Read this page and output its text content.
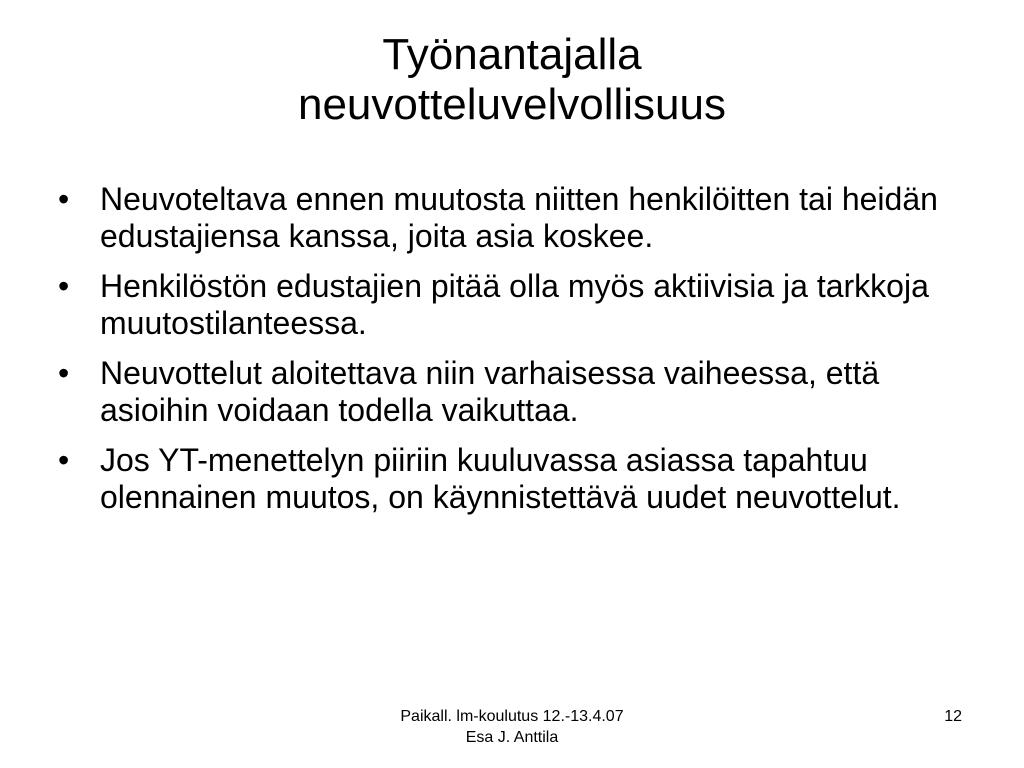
Työnantajalla
neuvotteluvelvollisuus
• Neuvoteltava ennen muutosta niitten henkilöitten tai heidän edustajiensa kanssa, joita asia koskee.
• Henkilöstön edustajien pitää olla myös aktiivisia ja tarkkoja muutostilanteessa.
• Neuvottelut aloitettava niin varhaisessa vaiheessa, että asioihin voidaan todella vaikuttaa.
• Jos YT-menettelyn piiriin kuuluvassa asiassa tapahtuu olennainen muutos, on käynnistettävä uudet neuvottelut.
Paikall. lm-koulutus 12.-13.4.07
Esa J. Anttila
12
